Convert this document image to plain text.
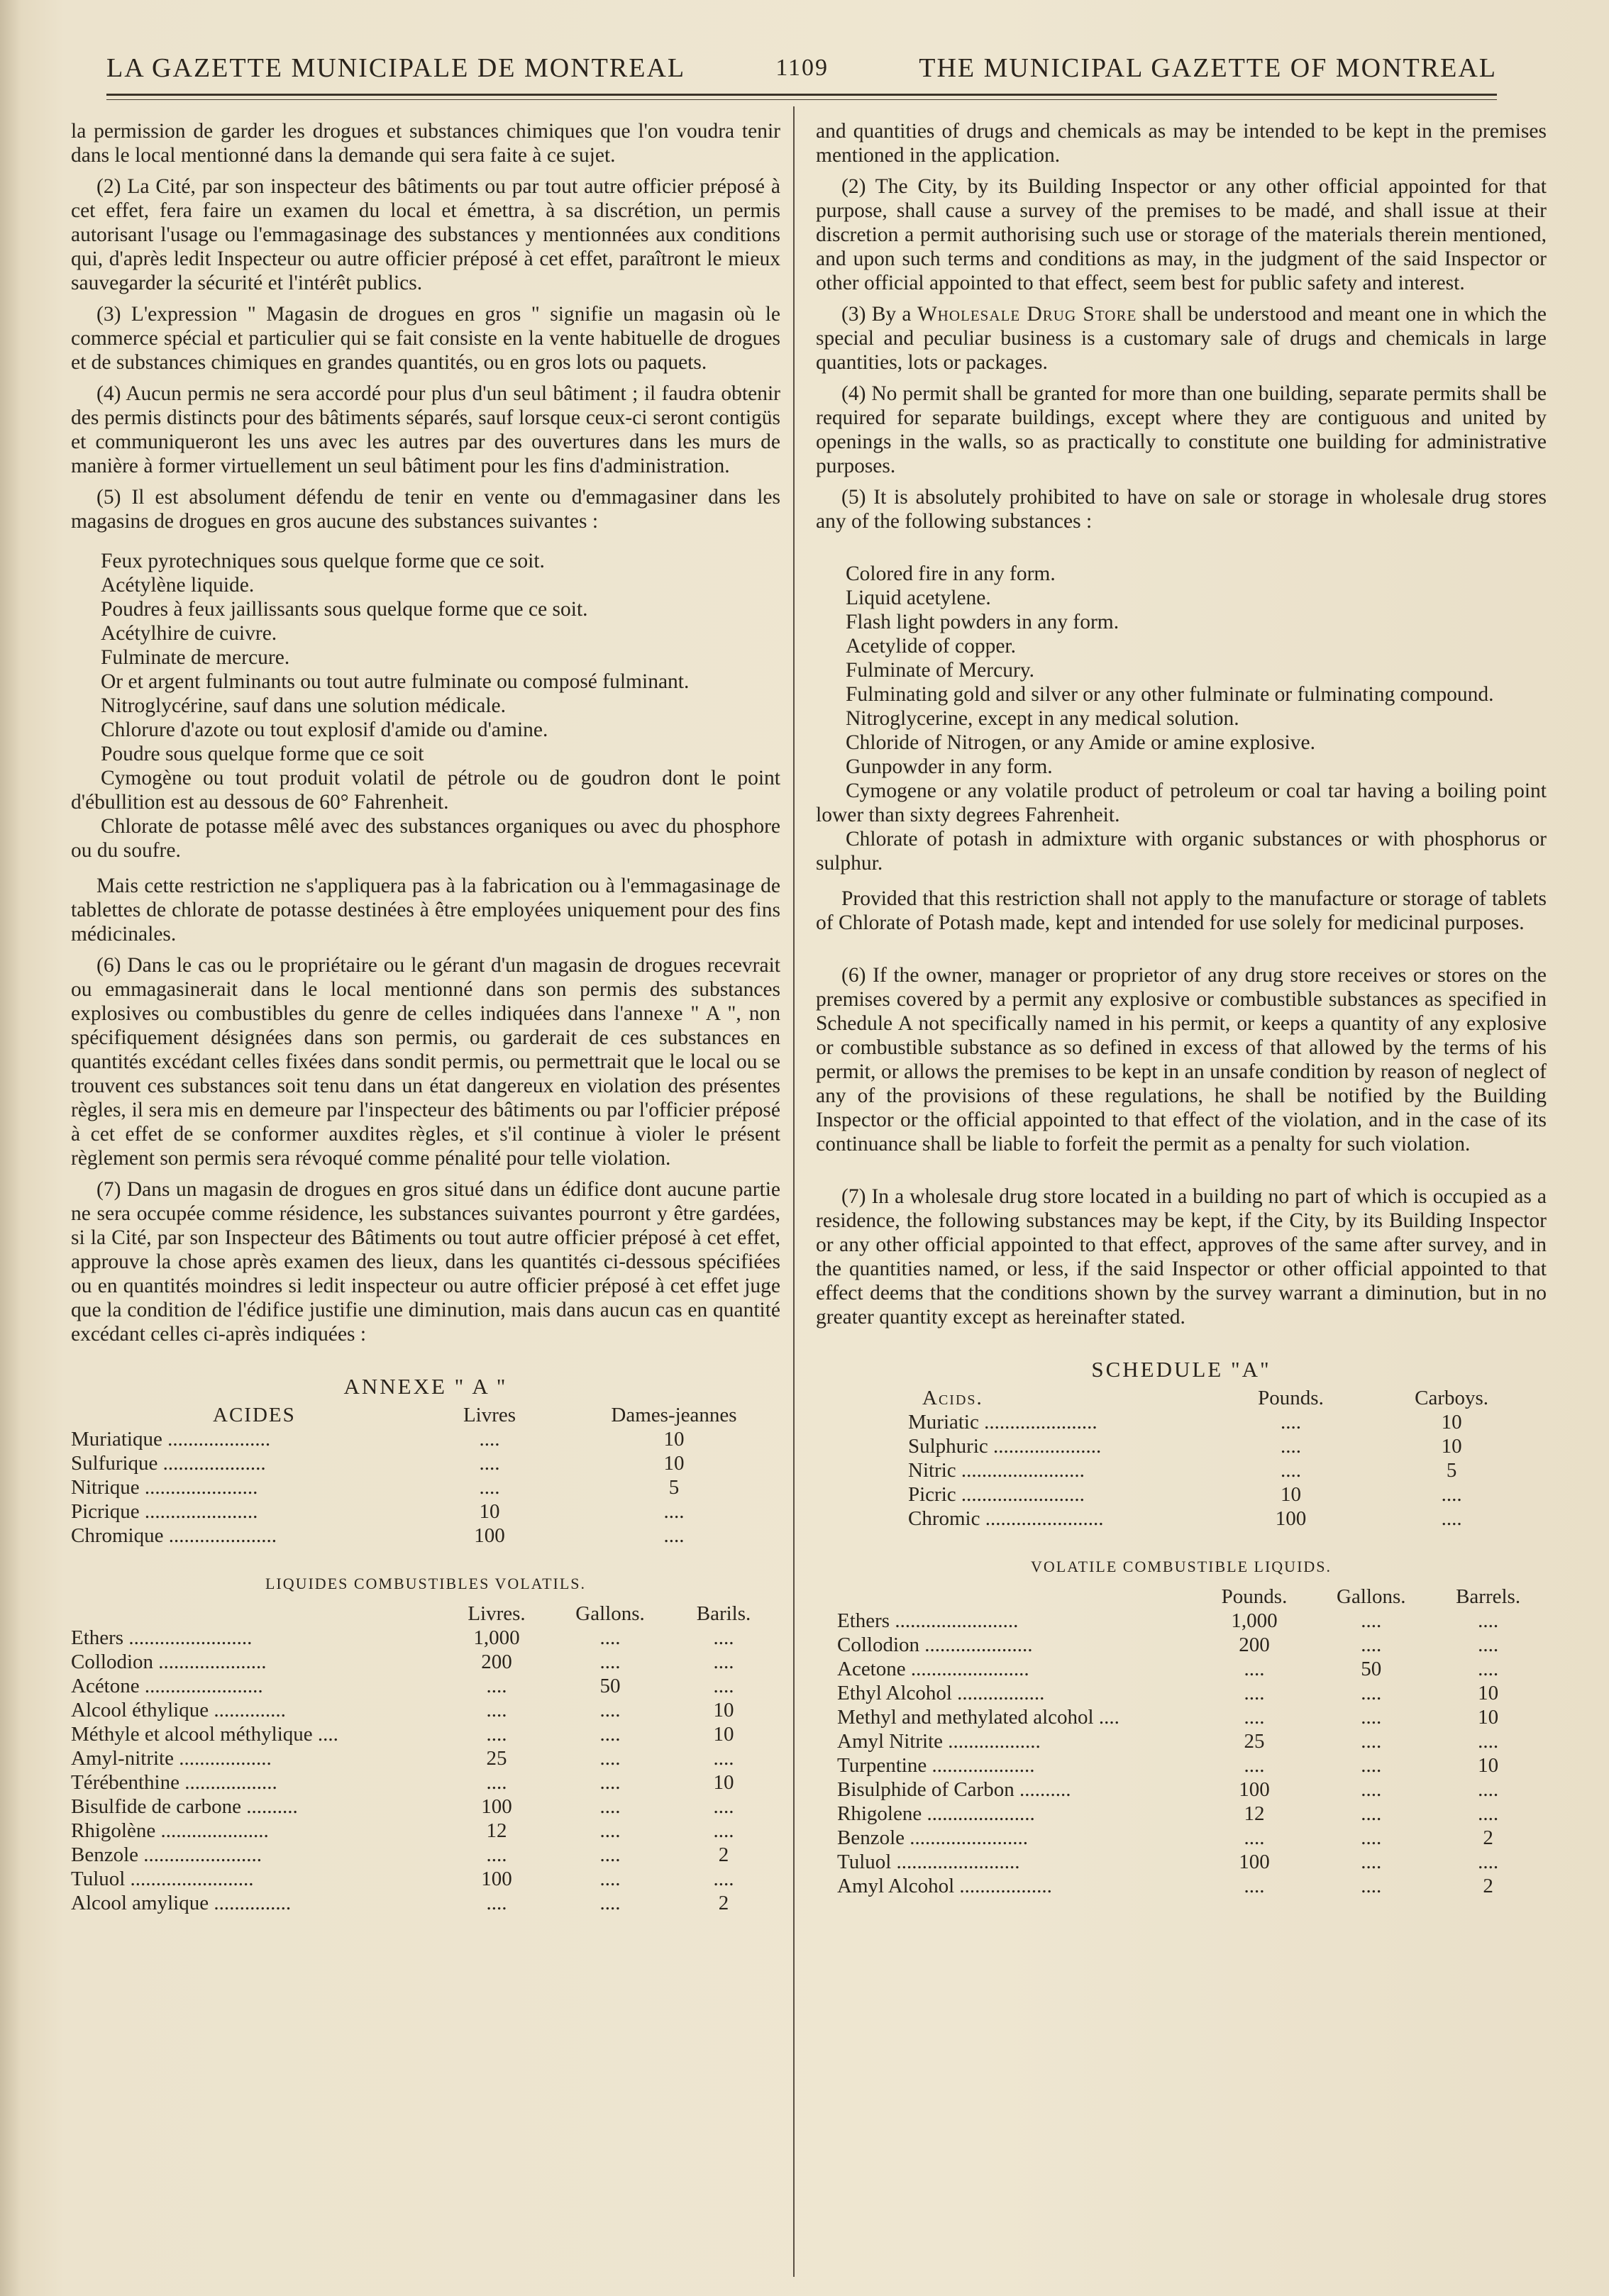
LA GAZETTE MUNICIPALE DE MONTREAL	1109	THE MUNICIPAL GAZETTE OF MONTREAL

la permission de garder les drogues et substances chimiques que l'on voudra tenir dans le local mentionné dans la demande qui sera faite à ce sujet.

(2) La Cité, par son inspecteur des bâtiments ou par tout autre officier préposé à cet effet, fera faire un examen du local et émettra, à sa discrétion, un permis autorisant l'usage ou l'emmagasinage des substances y mentionnées aux conditions qui, d'après ledit Inspecteur ou autre officier préposé à cet effet, paraîtront le mieux sauvegarder la sécurité et l'intérêt publics.

(3) L'expression " Magasin de drogues en gros " signifie un magasin où le commerce spécial et particulier qui se fait consiste en la vente habituelle de drogues et de substances chimiques en grandes quantités, ou en gros lots ou paquets.

(4) Aucun permis ne sera accordé pour plus d'un seul bâtiment ; il faudra obtenir des permis distincts pour des bâtiments séparés, sauf lorsque ceux-ci seront contigüs et communiqueront les uns avec les autres par des ouvertures dans les murs de manière à former virtuellement un seul bâtiment pour les fins d'administration.

(5) Il est absolument défendu de tenir en vente ou d'emmagasiner dans les magasins de drogues en gros aucune des substances suivantes :

Feux pyrotechniques sous quelque forme que ce soit.

Acétylène liquide.

Poudres à feux jaillissants sous quelque forme que ce soit.

Acétylhire de cuivre.

Fulminate de mercure.

Or et argent fulminants ou tout autre fulminate ou composé fulminant.

Nitroglycérine, sauf dans une solution médicale.

Chlorure d'azote ou tout explosif d'amide ou d'amine.

Poudre sous quelque forme que ce soit

Cymogène ou tout produit volatil de pétrole ou de goudron dont le point d'ébullition est au dessous de 60° Fahrenheit.

Chlorate de potasse mêlé avec des substances organiques ou avec du phosphore ou du soufre.

Mais cette restriction ne s'appliquera pas à la fabrication ou à l'emmagasinage de tablettes de chlorate de potasse destinées à être employées uniquement pour des fins médicinales.

(6) Dans le cas ou le propriétaire ou le gérant d'un magasin de drogues recevrait ou emmagasinerait dans le local mentionné dans son permis des substances explosives ou combustibles du genre de celles indiquées dans l'annexe " A ", non spécifiquement désignées dans son permis, ou garderait de ces substances en quantités excédant celles fixées dans sondit permis, ou permettrait que le local ou se trouvent ces substances soit tenu dans un état dangereux en violation des présentes règles, il sera mis en demeure par l'inspecteur des bâtiments ou par l'officier préposé à cet effet de se conformer auxdites règles, et s'il continue à violer le présent règlement son permis sera révoqué comme pénalité pour telle violation.

(7) Dans un magasin de drogues en gros situé dans un édifice dont aucune partie ne sera occupée comme résidence, les substances suivantes pourront y être gardées, si la Cité, par son Inspecteur des Bâtiments ou tout autre officier préposé à cet effet, approuve la chose après examen des lieux, dans les quantités ci-dessous spécifiées ou en quantités moindres si ledit inspecteur ou autre officier préposé à cet effet juge que la condition de l'édifice justifie une diminution, mais dans aucun cas en quantité excédant celles ci-après indiquées :

ANNEXE " A "
ACIDES	Livres	Dames-jeannes
Muriatique ....................	....	10
Sulfurique ....................	....	10
Nitrique ......................	....	5
Picrique ......................	10	....
Chromique .....................	100	....
LIQUIDES COMBUSTIBLES VOLATILS.
	Livres.	Gallons.	Barils.
Ethers ........................	1,000	....	....
Collodion .....................	200	....	....
Acétone .......................	....	50	....
Alcool éthylique ..............	....	....	10
Méthyle et alcool méthylique ....	....	....	10
Amyl-nitrite ..................	25	....	....
Térébenthine ..................	....	....	10
Bisulfide de carbone ..........	100	....	....
Rhigolène .....................	12	....	....
Benzole .......................	....	....	2
Tuluol ........................	100	....	....
Alcool amylique ...............	....	....	2

and quantities of drugs and chemicals as may be intended to be kept in the premises mentioned in the application.

(2) The City, by its Building Inspector or any other official appointed for that purpose, shall cause a survey of the premises to be madé, and shall issue at their discretion a permit authorising such use or storage of the materials therein mentioned, and upon such terms and conditions as may, in the judgment of the said Inspector or other official appointed to that effect, seem best for public safety and interest.

(3) By a Wholesale Drug Store shall be understood and meant one in which the special and peculiar business is a customary sale of drugs and chemicals in large quantities, lots or packages.

(4) No permit shall be granted for more than one building, separate permits shall be required for separate buildings, except where they are contiguous and united by openings in the walls, so as practically to constitute one building for administrative purposes.

(5) It is absolutely prohibited to have on sale or storage in wholesale drug stores any of the following substances :

Colored fire in any form.

Liquid acetylene.

Flash light powders in any form.

Acetylide of copper.

Fulminate of Mercury.

Fulminating gold and silver or any other fulminate or fulminating compound.

Nitroglycerine, except in any medical solution.

Chloride of Nitrogen, or any Amide or amine explosive.

Gunpowder in any form.

Cymogene or any volatile product of petroleum or coal tar having a boiling point lower than sixty degrees Fahrenheit.

Chlorate of potash in admixture with organic substances or with phosphorus or sulphur.

Provided that this restriction shall not apply to the manufacture or storage of tablets of Chlorate of Potash made, kept and intended for use solely for medicinal purposes.

(6) If the owner, manager or proprietor of any drug store receives or stores on the premises covered by a permit any explosive or combustible substances as specified in Schedule A not specifically named in his permit, or keeps a quantity of any explosive or combustible substance as so defined in excess of that allowed by the terms of his permit, or allows the premises to be kept in an unsafe condition by reason of neglect of any of the provisions of these regulations, he shall be notified by the Building Inspector or the official appointed to that effect of the violation, and in the case of its continuance shall be liable to forfeit the permit as a penalty for such violation.

(7) In a wholesale drug store located in a building no part of which is occupied as a residence, the following substances may be kept, if the City, by its Building Inspector or any other official appointed to that effect, approves of the same after survey, and in the quantities named, or less, if the said Inspector or other official appointed to that effect deems that the conditions shown by the survey warrant a diminution, but in no greater quantity except as hereinafter stated.

SCHEDULE "A"
Acids.	Pounds.	Carboys.
Muriatic ......................	....	10
Sulphuric .....................	....	10
Nitric ........................	....	5
Picric ........................	10	....
Chromic .......................	100	....
VOLATILE COMBUSTIBLE LIQUIDS.
	Pounds.	Gallons.	Barrels.
Ethers ........................	1,000	....	....
Collodion .....................	200	....	....
Acetone .......................	....	50	....
Ethyl Alcohol .................	....	....	10
Methyl and methylated alcohol ....	....	....	10
Amyl Nitrite ..................	25	....	....
Turpentine ....................	....	....	10
Bisulphide of Carbon ..........	100	....	....
Rhigolene .....................	12	....	....
Benzole .......................	....	....	2
Tuluol ........................	100	....	....
Amyl Alcohol ..................	....	....	2
